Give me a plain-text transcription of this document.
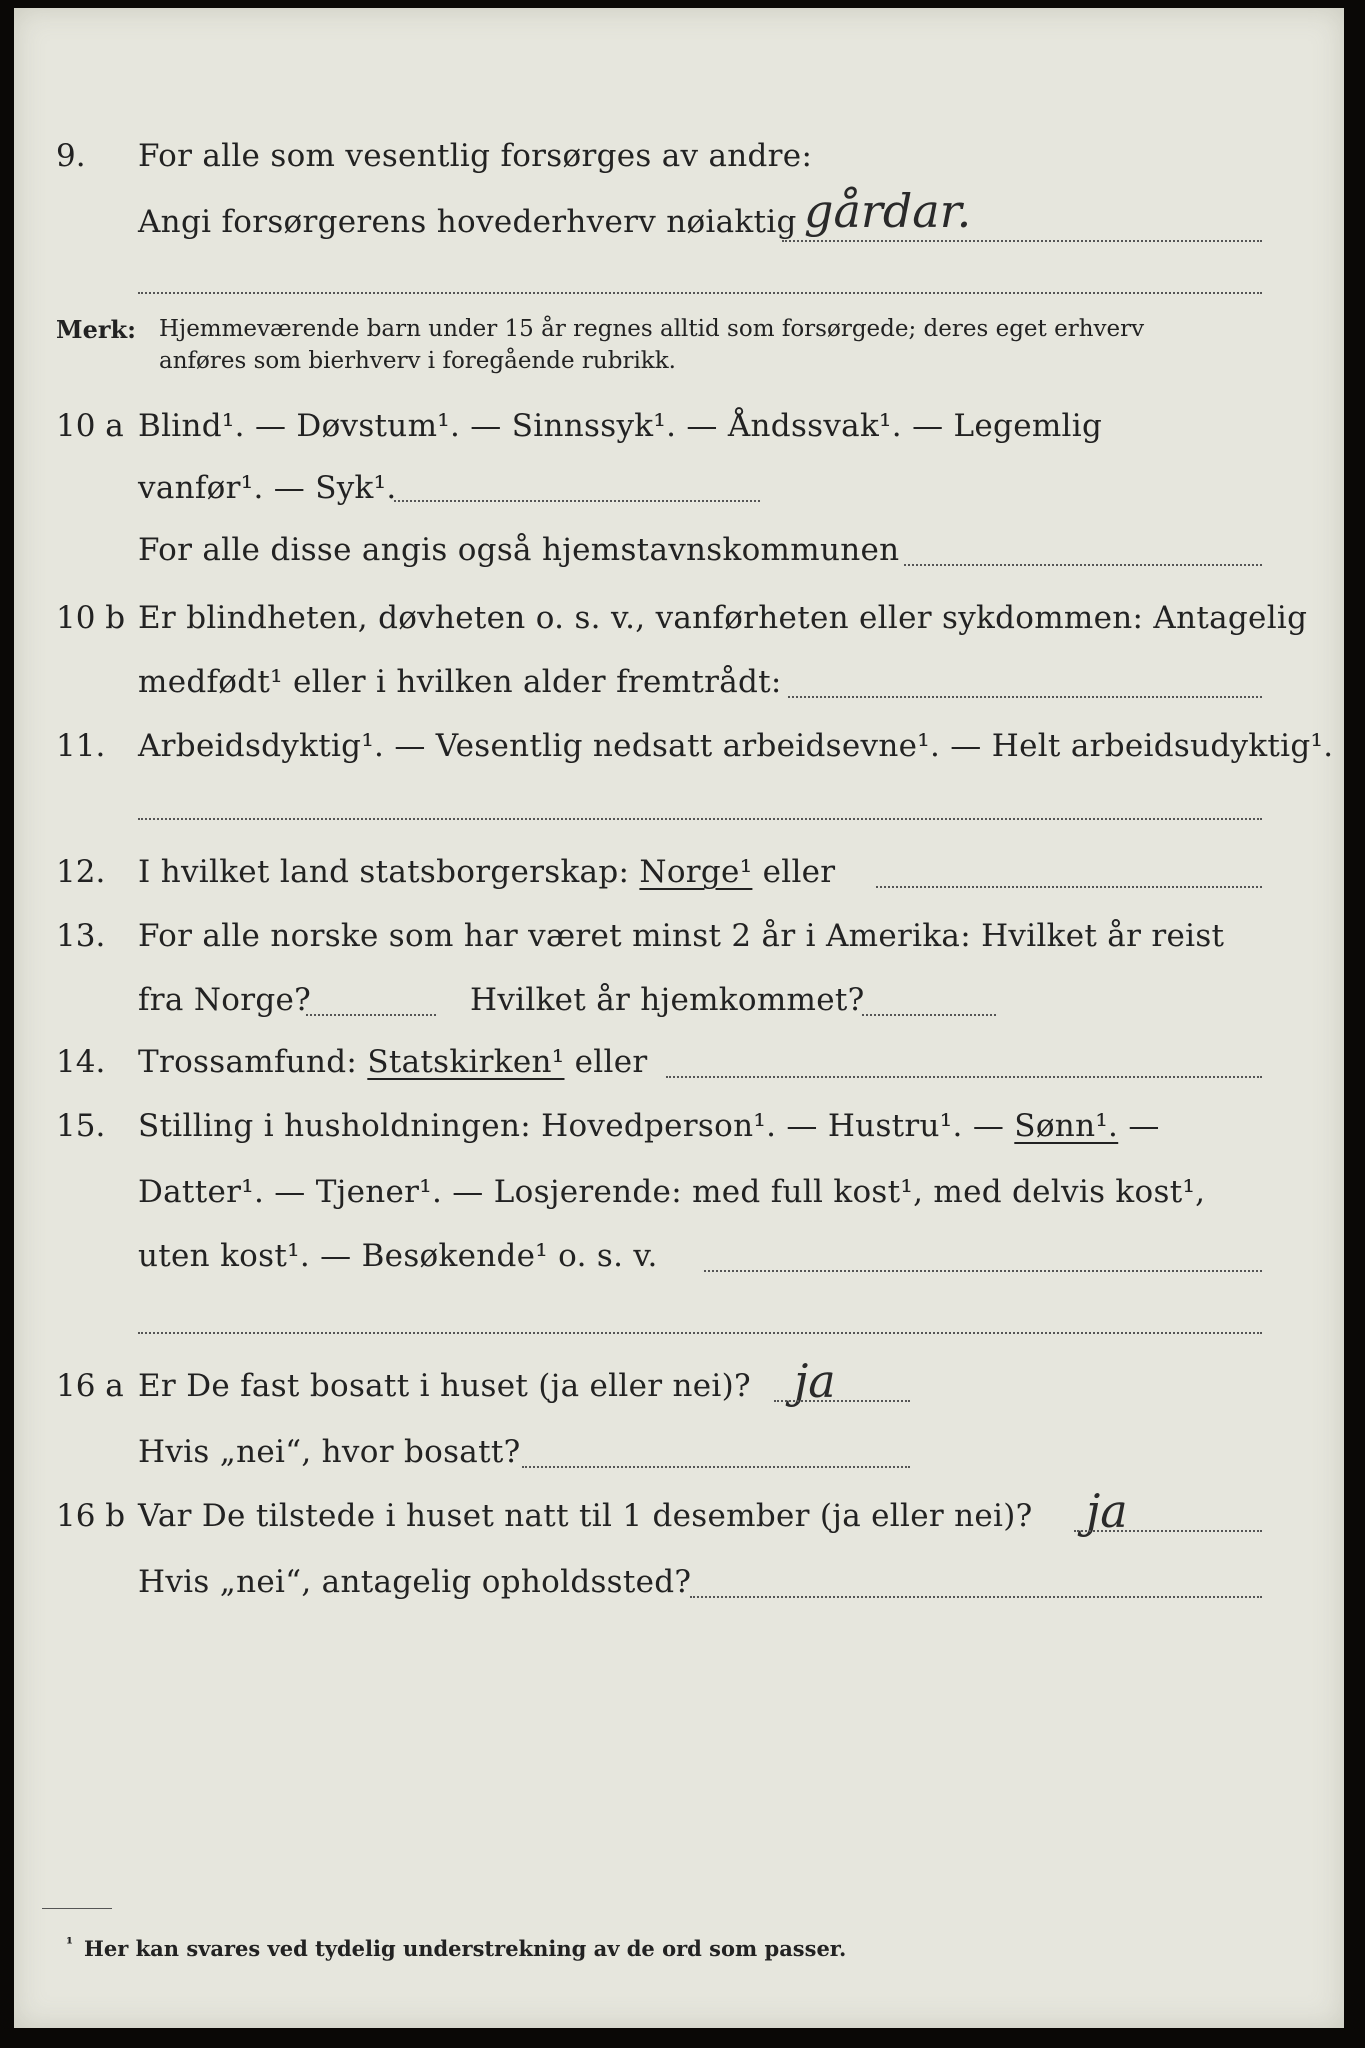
9. For alle som vesentlig forsørges av andre:
Angi forsørgerens hovederhverv nøiaktig gårdar.
Merk: Hjemmeværende barn under 15 år regnes alltid som forsørgede; deres eget erhverv
anføres som bierhverv i foregående rubrikk.
10 a Blind¹. — Døvstum¹. — Sinnssyk¹. — Åndssvak¹. — Legemlig
vanfør¹. — Syk¹.
For alle disse angis også hjemstavnskommunen
10 b Er blindheten, døvheten o. s. v., vanførheten eller sykdommen: Antagelig
medfødt¹ eller i hvilken alder fremtrådt:
11. Arbeidsdyktig¹. — Vesentlig nedsatt arbeidsevne¹. — Helt arbeidsudyktig¹.
12. I hvilket land statsborgerskap: Norge¹ eller
13. For alle norske som har været minst 2 år i Amerika: Hvilket år reist
fra Norge?	Hvilket år hjemkommet?
14. Trossamfund: Statskirken¹ eller
15. Stilling i husholdningen: Hovedperson¹. — Hustru¹. — Sønn¹. —
Datter¹. — Tjener¹. — Losjerende: med full kost¹, med delvis kost¹,
uten kost¹. — Besøkende¹ o. s. v.
16 a Er De fast bosatt i huset (ja eller nei)? ja
Hvis „nei“, hvor bosatt?
16 b Var De tilstede i huset natt til 1 desember (ja eller nei)? ja
Hvis „nei“, antagelig opholdssted?
¹ Her kan svares ved tydelig understrekning av de ord som passer.
